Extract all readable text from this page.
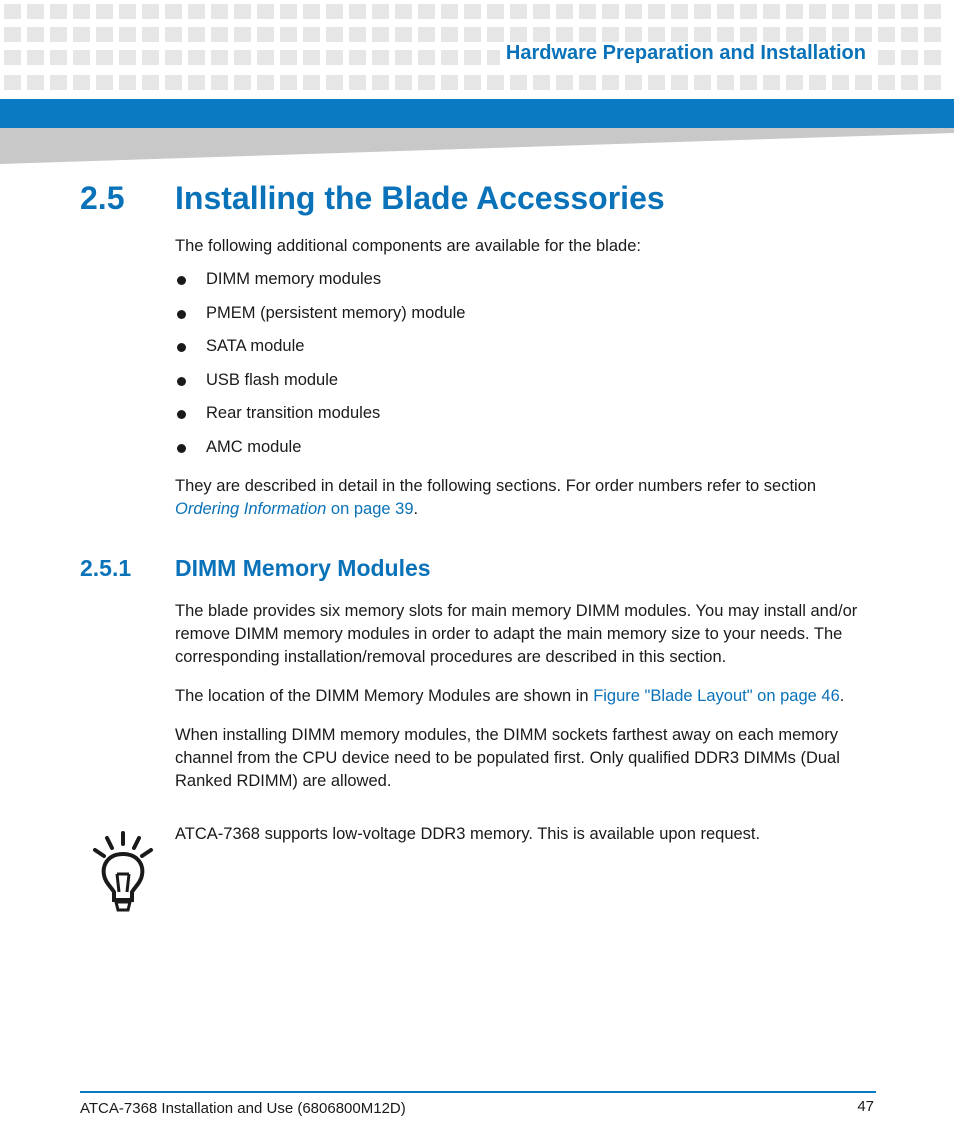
Hardware Preparation and Installation
2.5 Installing the Blade Accessories
The following additional components are available for the blade:
DIMM memory modules
PMEM (persistent memory) module
SATA module
USB flash module
Rear transition modules
AMC module
They are described in detail in the following sections. For order numbers refer to section
Ordering Information on page 39.
2.5.1 DIMM Memory Modules
The blade provides six memory slots for main memory DIMM modules. You may install and/or remove DIMM memory modules in order to adapt the main memory size to your needs. The corresponding installation/removal procedures are described in this section.
The location of the DIMM Memory Modules are shown in Figure "Blade Layout" on page 46.
When installing DIMM memory modules, the DIMM sockets farthest away on each memory channel from the CPU device need to be populated first. Only qualified DDR3 DIMMs (Dual Ranked RDIMM) are allowed.
ATCA-7368 supports low-voltage DDR3 memory. This is available upon request.
ATCA-7368 Installation and Use (6806800M12D)	47
